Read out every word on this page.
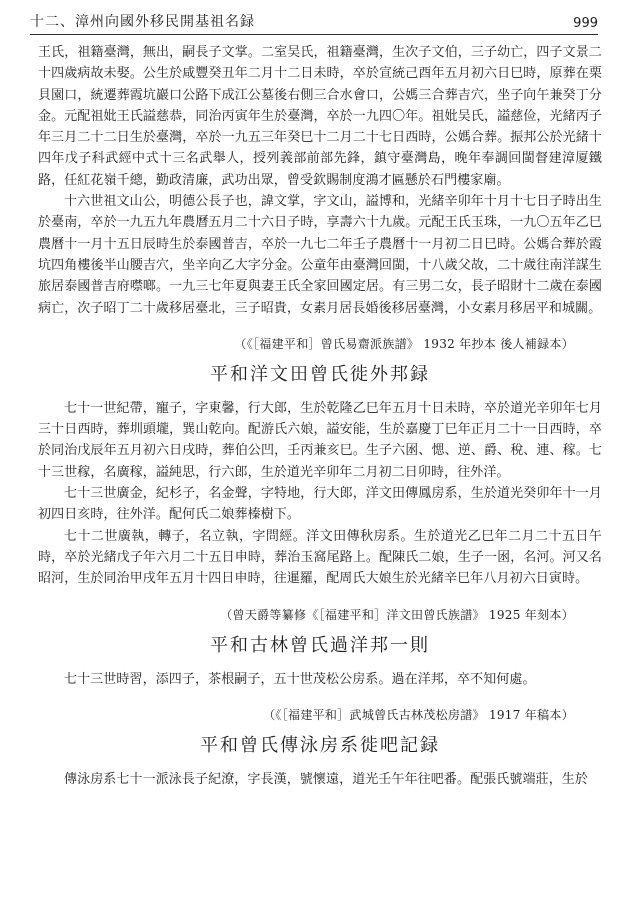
十二、漳州向國外移民開基祖名録	999

王氏，祖籍臺灣，無出，嗣長子文掌。二室吴氏，祖籍臺灣，生次子文伯，三子幼亡，四子文景二十四歲病故未娶。公生於咸豐癸丑年二月十二日未時，卒於宣統己酉年五月初六日巳時，原葬在栗貝園口，統遷葬霞坑巖口公路下成江公墓後右側三合水會口，公媽三合葬吉穴，坐子向午兼癸丁分金。元配祖妣王氏謚慈恭，同治丙寅年生於臺灣，卒於一九四〇年。祖妣吴氏，謚慈俭，光緒丙子年三月二十二日生於臺灣，卒於一九五三年癸巳十二月二十七日西時，公媽合葬。振邦公於光緒十四年戊子科武經中式十三名武舉人，授列義部前部先鋒，鎮守臺灣島，晚年奉調回閩督建漳厦鐵路，任紅花嶺千總，勤政清廉，武功出眾，曾受欽賜制度鴻才匾懸於石門樓家廟。

十六世祖文山公，明德公長子也，諱文掌，字文山，謚博和，光緒辛卯年十月十七日子時出生於臺南，卒於一九五九年農曆五月二十六日子時，享壽六十九歲。元配王氏玉珠，一九〇五年乙巳農曆十一月十五日辰時生於泰國普吉，卒於一九七二年壬子農曆十一月初二日巳時。公媽合葬於霞坑四角樓後半山腰吉穴，坐辛向乙大字分金。公童年由臺灣回閩，十八歲父故，二十歲往南洋謀生旅居泰國普吉府噤啷。一九三七年夏與妻王氏全家回國定居。有三男二女，長子昭財十二歲在泰國病亡，次子昭丁二十歲移居臺北，三子昭貴，女素月居長婚後移居臺灣，小女素月移居平和城關。

（《［福建平和］曾氏易齋派族譜》 1932 年抄本 後人補録本）
平和洋文田曾氏徙外邦録

七十一世紀帶，寵子，字東馨，行大郎，生於乾隆乙巳年五月十日未時，卒於道光辛卯年七月三十日西時，葬圳頭壠，巽山乾向。配游氏六娘，謚安能，生於嘉慶丁巳年正月二十一日西時，卒於同治戊辰年五月初六日戌時，葬伯公凹，壬丙兼亥巳。生子六囦、愢、逆、爵、稅、連、稼。七十三世稼，名廣稼，謚純思，行六郎，生於道光辛卯年二月初二日卯時，往外洋。

七十三世廣金，紀杉子，名金聲，字特地，行大郎，洋文田傳鳳房系，生於道光癸卯年十一月初四日亥時，往外洋。配何氏二娘葬榛樹下。

七十二世廣執，轉子，名立執，字問經。洋文田傳秋房系。生於道光乙巳年二月二十五日午時，卒於光緒戊子年六月二十五日申時，葬治玉窩尾路上。配陳氏二娘，生子一囦，名河。河又名昭河，生於同治甲戌年五月十四日申時，往暹羅，配周氏大娘生於光緒辛巳年八月初六日寅時。

（曾天爵等纂修《［福建平和］洋文田曾氏族譜》 1925 年刻本）
平和古林曾氏過洋邦一則

七十三世時習，添四子，茶根嗣子，五十世茂松公房系。過在洋邦，卒不知何處。

（《［福建平和］武城曾氏古林茂松房譜》 1917 年稿本）
平和曾氏傳泳房系徙吧記録

傳泳房系七十一派泳長子紀潦，字長漢，號懷遠，道光壬午年往吧番。配張氏號端莊，生於
